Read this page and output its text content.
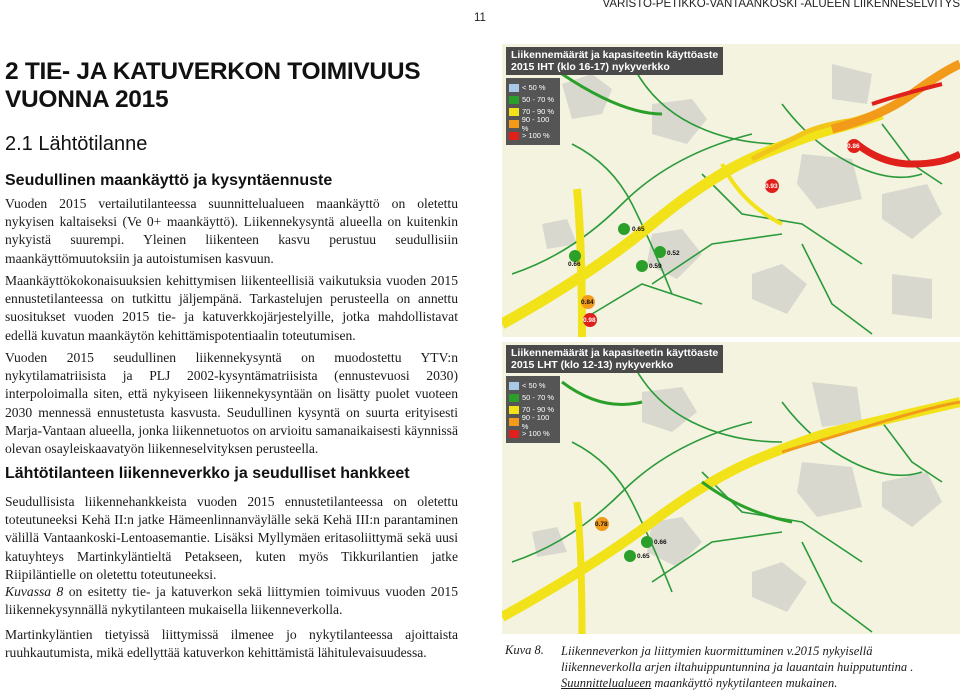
VARISTO-PETIKKO-VANTAANKOSKI -ALUEEN LIIKENNESELVITYS
11
2 TIE- JA KATUVERKON TOIMIVUUS VUONNA 2015
2.1 Lähtötilanne
Seudullinen maankäyttö ja kysyntäennuste

Vuoden 2015 vertailutilanteessa suunnittelualueen maankäyttö on oletettu nykyisen kaltaiseksi (Ve 0+ maankäyttö). Liikennekysyntä alueella on kuitenkin nykyistä suurempi. Yleinen liikenteen kasvu perustuu seudullisiin maankäyttömuutoksiin ja autoistumisen kasvuun.

Maankäyttökokonaisuuksien kehittymisen liikenteellisiä vaikutuksia vuoden 2015 ennustetilanteessa on tutkittu jäljempänä. Tarkastelujen perusteella on annettu suositukset vuoden 2015 tie- ja katuverkkojärjestelyille, jotka mahdollistavat edellä kuvatun maankäytön kehittämispotentiaalin toteutumisen.

Vuoden 2015 seudullinen liikennekysyntä on muodostettu YTV:n nykytilamatriisista ja PLJ 2002-kysyntämatriisista (ennustevuosi 2030) interpoloimalla siten, että nykyiseen liikennekysyntään on lisätty puolet vuoteen 2030 mennessä ennustetusta kasvusta. Seudullinen kysyntä on suurta erityisesti Marja-Vantaan alueella, jonka liikennetuotos on arvioitu samanaikaisesti käynnissä olevan osayleiskaavatyön liikenneselvityksen perusteella.

Lähtötilanteen liikenneverkko ja seudulliset hankkeet

Seudullisista liikennehankkeista vuoden 2015 ennustetilanteessa on oletettu toteutuneeksi Kehä II:n jatke Hämeenlinnanväylälle sekä Kehä III:n parantaminen välillä Vantaankoski-Lentoasemantie. Lisäksi Myllymäen eritasoliittymä sekä uusi katuyhteys Martinkyläntieltä Petakseen, kuten myös Tikkurilantien jatke Riipiläntielle on oletettu toteutuneeksi.

Kuvassa 8 on esitetty tie- ja katuverkon sekä liittymien toimivuus vuoden 2015 liikennekysynnällä nykytilanteen mukaisella liikenneverkolla.

Martinkyläntien tietyissä liittymissä ilmenee jo nykytilanteessa ajoittaista ruuhkautumista, mikä edellyttää katuverkon kehittämistä lähitulevaisuudessa.

0.86
0.93
0.65
0.66
0.52
0.59
0.84
0.98
Liikennemäärät ja kapasiteetin käyttöaste
2015 IHT (klo 16-17) nykyverkko
< 50 %
50 - 70 %
70 - 90 %
90 - 100 %
> 100 %
0.78
0.66
0.65
Liikennemäärät ja kapasiteetin käyttöaste
2015 LHT (klo 12-13) nykyverkko
< 50 %
50 - 70 %
70 - 90 %
90 - 100 %
> 100 %
Kuva 8. Liikenneverkon ja liittymien kuormittuminen v.2015 nykyisellä liikenneverkolla arjen iltahuippuntunnina ja lauantain huipputuntina . Suunnittelualueen maankäyttö nykytilanteen mukainen.
